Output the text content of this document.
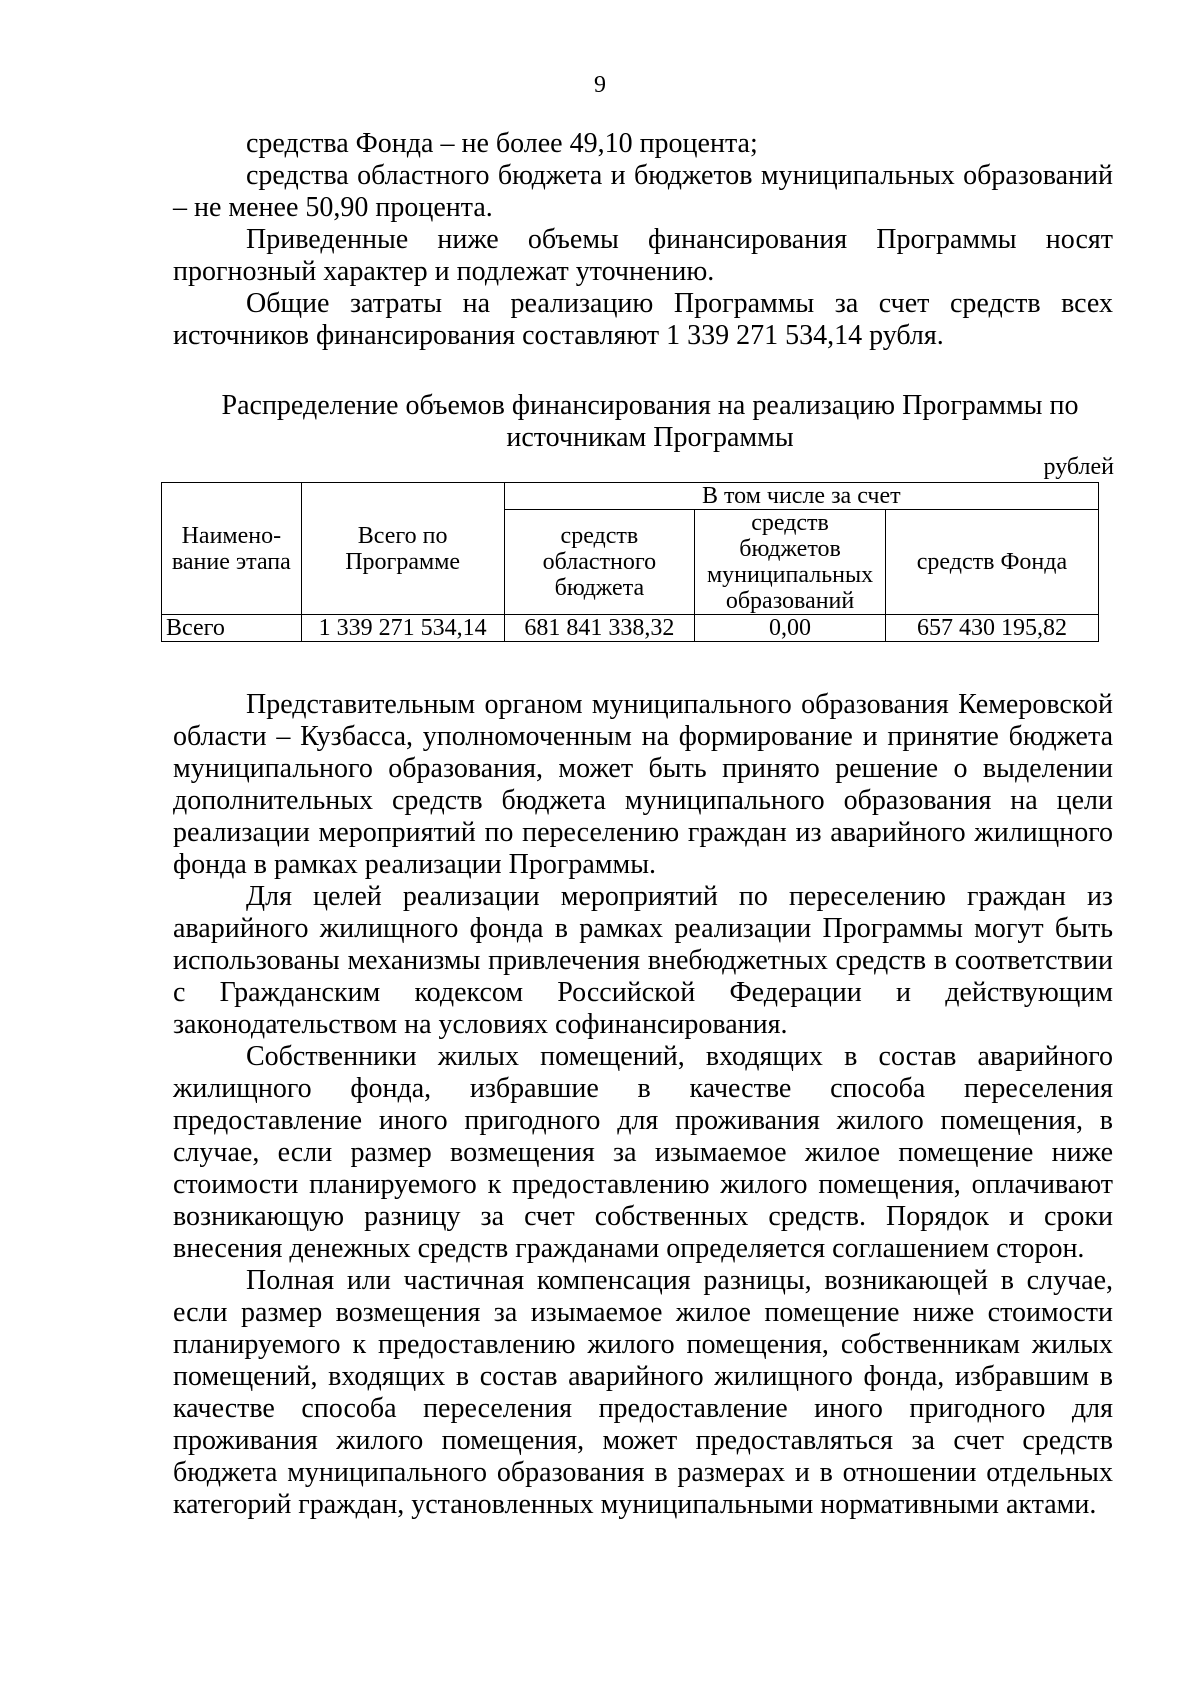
9

средства Фонда – не более 49,10 процента;

средства областного бюджета и бюджетов муниципальных образований – не менее 50,90 процента.

Приведенные ниже объемы финансирования Программы носят прогнозный характер и подлежат уточнению.

Общие затраты на реализацию Программы за счет средств всех источников финансирования составляют 1 339 271 534,14 рубля.

Распределение объемов финансирования на реализацию Программы по источникам Программы
рублей
Наимено-вание этапа	Всего по Программе	В том числе за счет		
		средств областного бюджета	средств бюджетов муниципальных образований	средств Фонда
Всего	1 339 271 534,14	681 841 338,32	0,00	657 430 195,82

Представительным органом муниципального образования Кемеровской области – Кузбасса, уполномоченным на формирование и принятие бюджета муниципального образования, может быть принято решение о выделении дополнительных средств бюджета муниципального образования на цели реализации мероприятий по переселению граждан из аварийного жилищного фонда в рамках реализации Программы.

Для целей реализации мероприятий по переселению граждан из аварийного жилищного фонда в рамках реализации Программы могут быть использованы механизмы привлечения внебюджетных средств в соответствии с Гражданским кодексом Российской Федерации и действующим законодательством на условиях софинансирования.

Собственники жилых помещений, входящих в состав аварийного жилищного фонда, избравшие в качестве способа переселения предоставление иного пригодного для проживания жилого помещения, в случае, если размер возмещения за изымаемое жилое помещение ниже стоимости планируемого к предоставлению жилого помещения, оплачивают возникающую разницу за счет собственных средств. Порядок и сроки внесения денежных средств гражданами определяется соглашением сторон.

Полная или частичная компенсация разницы, возникающей в случае, если размер возмещения за изымаемое жилое помещение ниже стоимости планируемого к предоставлению жилого помещения, собственникам жилых помещений, входящих в состав аварийного жилищного фонда, избравшим в качестве способа переселения предоставление иного пригодного для проживания жилого помещения, может предоставляться за счет средств бюджета муниципального образования в размерах и в отношении отдельных категорий граждан, установленных муниципальными нормативными актами.
